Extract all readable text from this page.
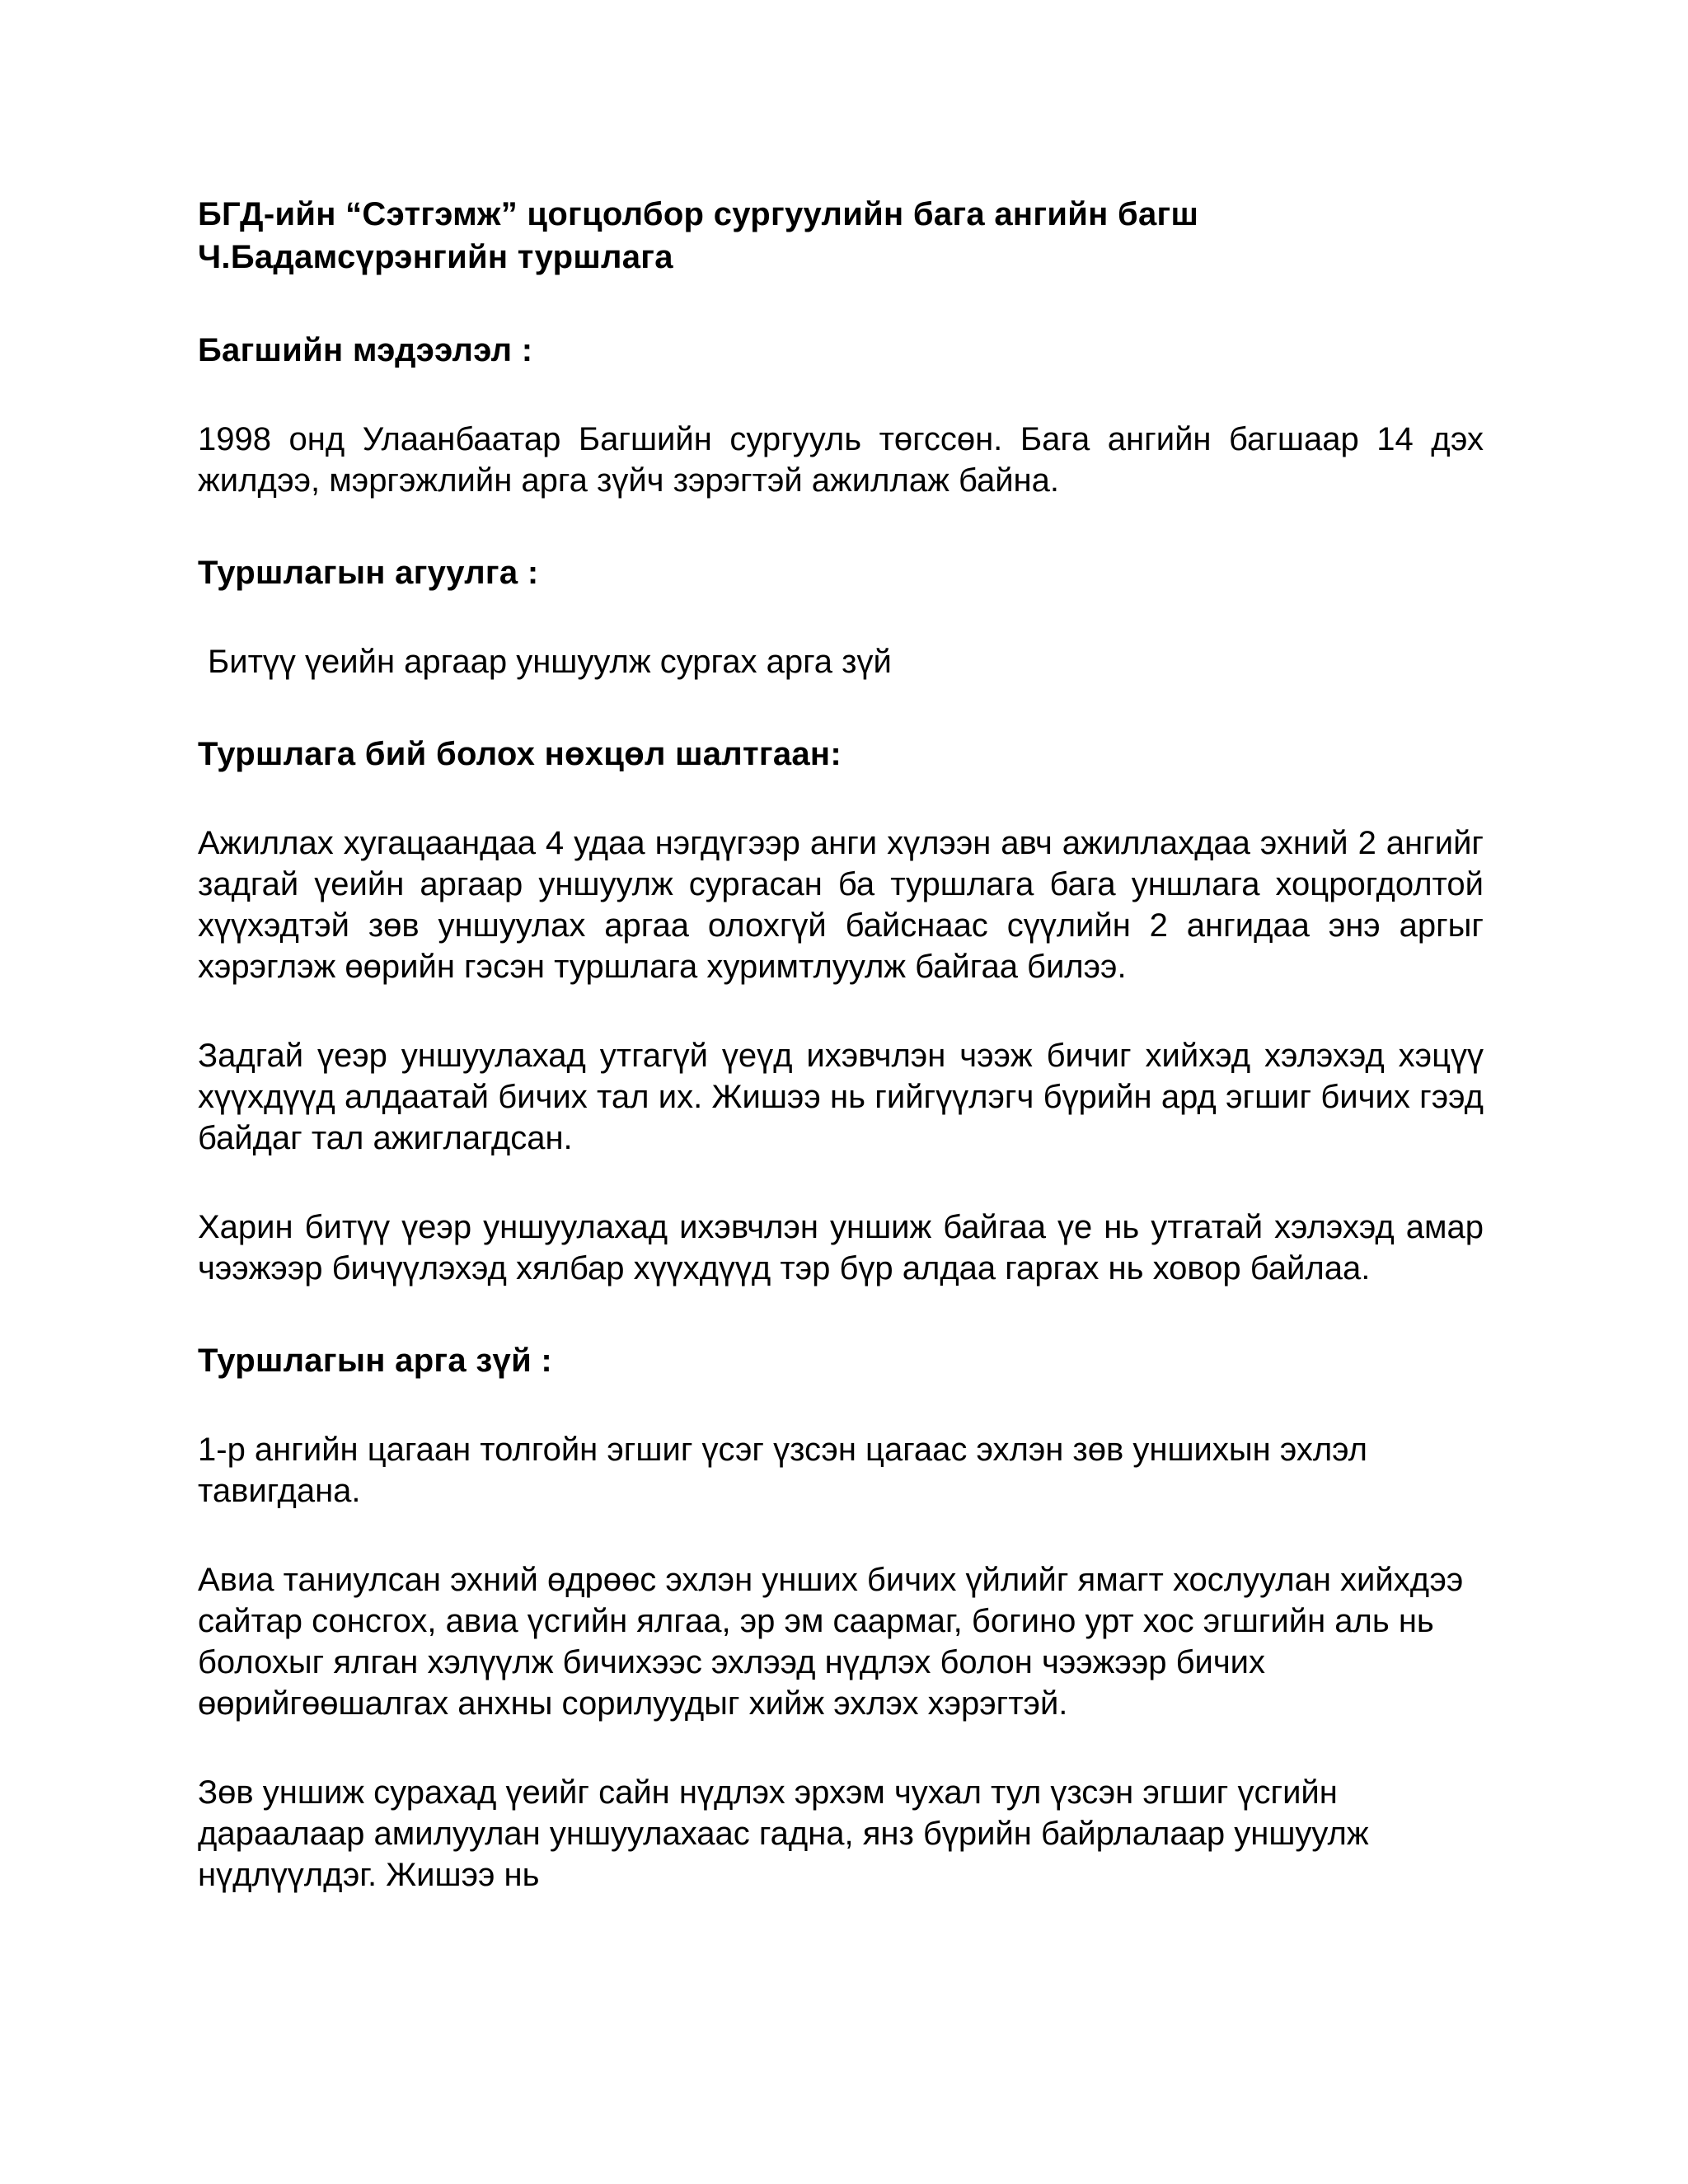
БГД-ийн “Сэтгэмж” цогцолбор сургуулийн бага ангийн багш
Ч.Бадамсүрэнгийн туршлага

Багшийн мэдээлэл :

1998 онд Улаанбаатар Багшийн сургууль төгссөн. Бага ангийн багшаар 14 дэх жилдээ, мэргэжлийн арга зүйч зэрэгтэй ажиллаж байна.

Туршлагын агуулга :

Битүү үеийн аргаар уншуулж сургах арга зүй

Туршлага бий болох нөхцөл шалтгаан:

Ажиллах хугацаандаа 4 удаа нэгдүгээр анги хүлээн авч ажиллахдаа эхний 2 ангийг задгай үеийн аргаар уншуулж сургасан ба туршлага бага уншлага хоцрогдолтой хүүхэдтэй зөв уншуулах аргаа олохгүй байснаас сүүлийн 2 ангидаа энэ аргыг хэрэглэж өөрийн гэсэн туршлага хуримтлуулж байгаа билээ.

Задгай үеэр уншуулахад утгагүй үеүд ихэвчлэн чээж бичиг хийхэд хэлэхэд хэцүү хүүхдүүд алдаатай бичих тал их. Жишээ нь гийгүүлэгч бүрийн ард эгшиг бичих гээд байдаг тал ажиглагдсан.

Харин битүү үеэр уншуулахад ихэвчлэн уншиж байгаа үе нь утгатай хэлэхэд амар чээжээр бичүүлэхэд хялбар хүүхдүүд тэр бүр алдаа гаргах нь ховор байлаа.

Туршлагын арга зүй :

1-р ангийн цагаан толгойн эгшиг үсэг үзсэн цагаас эхлэн зөв уншихын эхлэл тавигдана.

Авиа таниулсан эхний өдрөөс эхлэн унших бичих үйлийг ямагт хослуулан хийхдээ сайтар сонсгох, авиа үсгийн ялгаа, эр эм саармаг, богино урт хос эгшгийн аль нь болохыг ялган хэлүүлж бичихээс эхлээд нүдлэх болон чээжээр бичих өөрийгөөшалгах анхны сорилуудыг хийж эхлэх хэрэгтэй.

Зөв уншиж сурахад үеийг сайн нүдлэх эрхэм чухал тул үзсэн эгшиг үсгийн дараалаар амилуулан уншуулахаас гадна, янз бүрийн байрлалаар уншуулж нүдлүүлдэг. Жишээ нь
